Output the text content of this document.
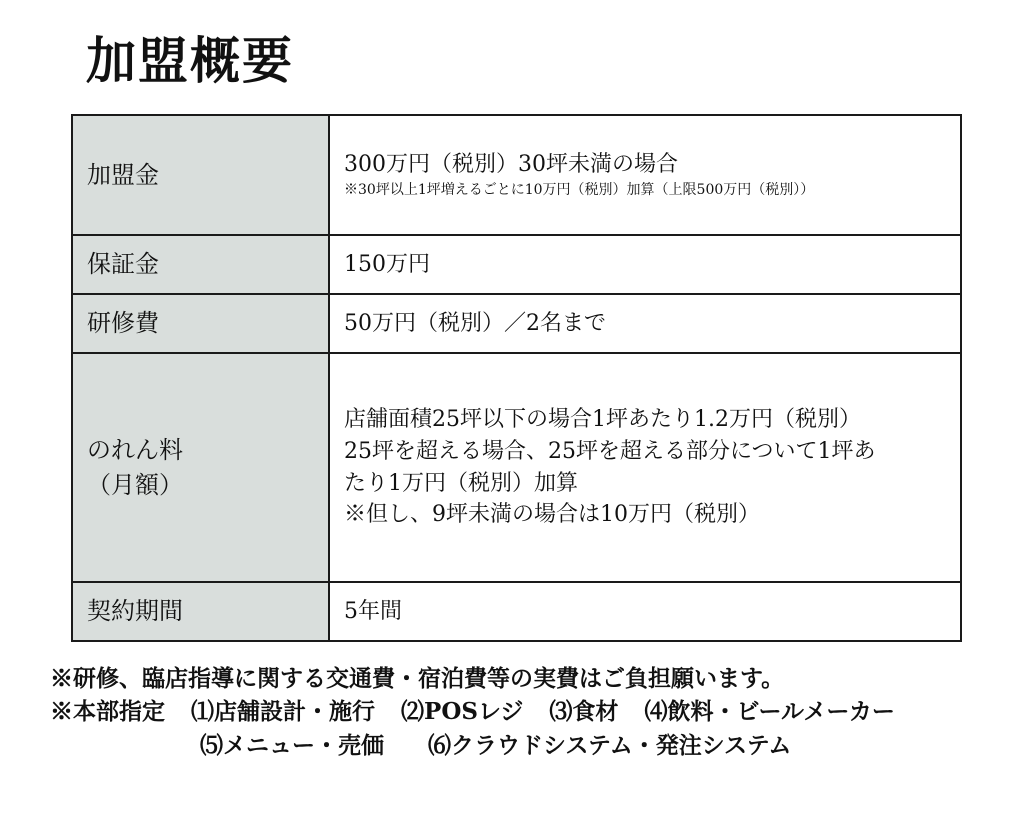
加盟概要
加盟金	300万円（税別）30坪未満の場合
※30坪以上1坪増えるごとに10万円（税別）加算（上限500万円（税別））

保証金	150万円
研修費	50万円（税別）／2名まで

のれん料
（月額）	店舗面積25坪以下の場合1坪あたり1.2万円（税別）
25坪を超える場合、25坪を超える部分について1坪あ
たり1万円（税別）加算
※但し、9坪未満の場合は10万円（税別）

契約期間	5年間
※研修、臨店指導に関する交通費・宿泊費等の実費はご負担願います。
※本部指定 ⑴店舗設計・施行 ⑵POSレジ ⑶食材 ⑷飲料・ビールメーカー
⑸メニュー・売価 ⑹クラウドシステム・発注システム
